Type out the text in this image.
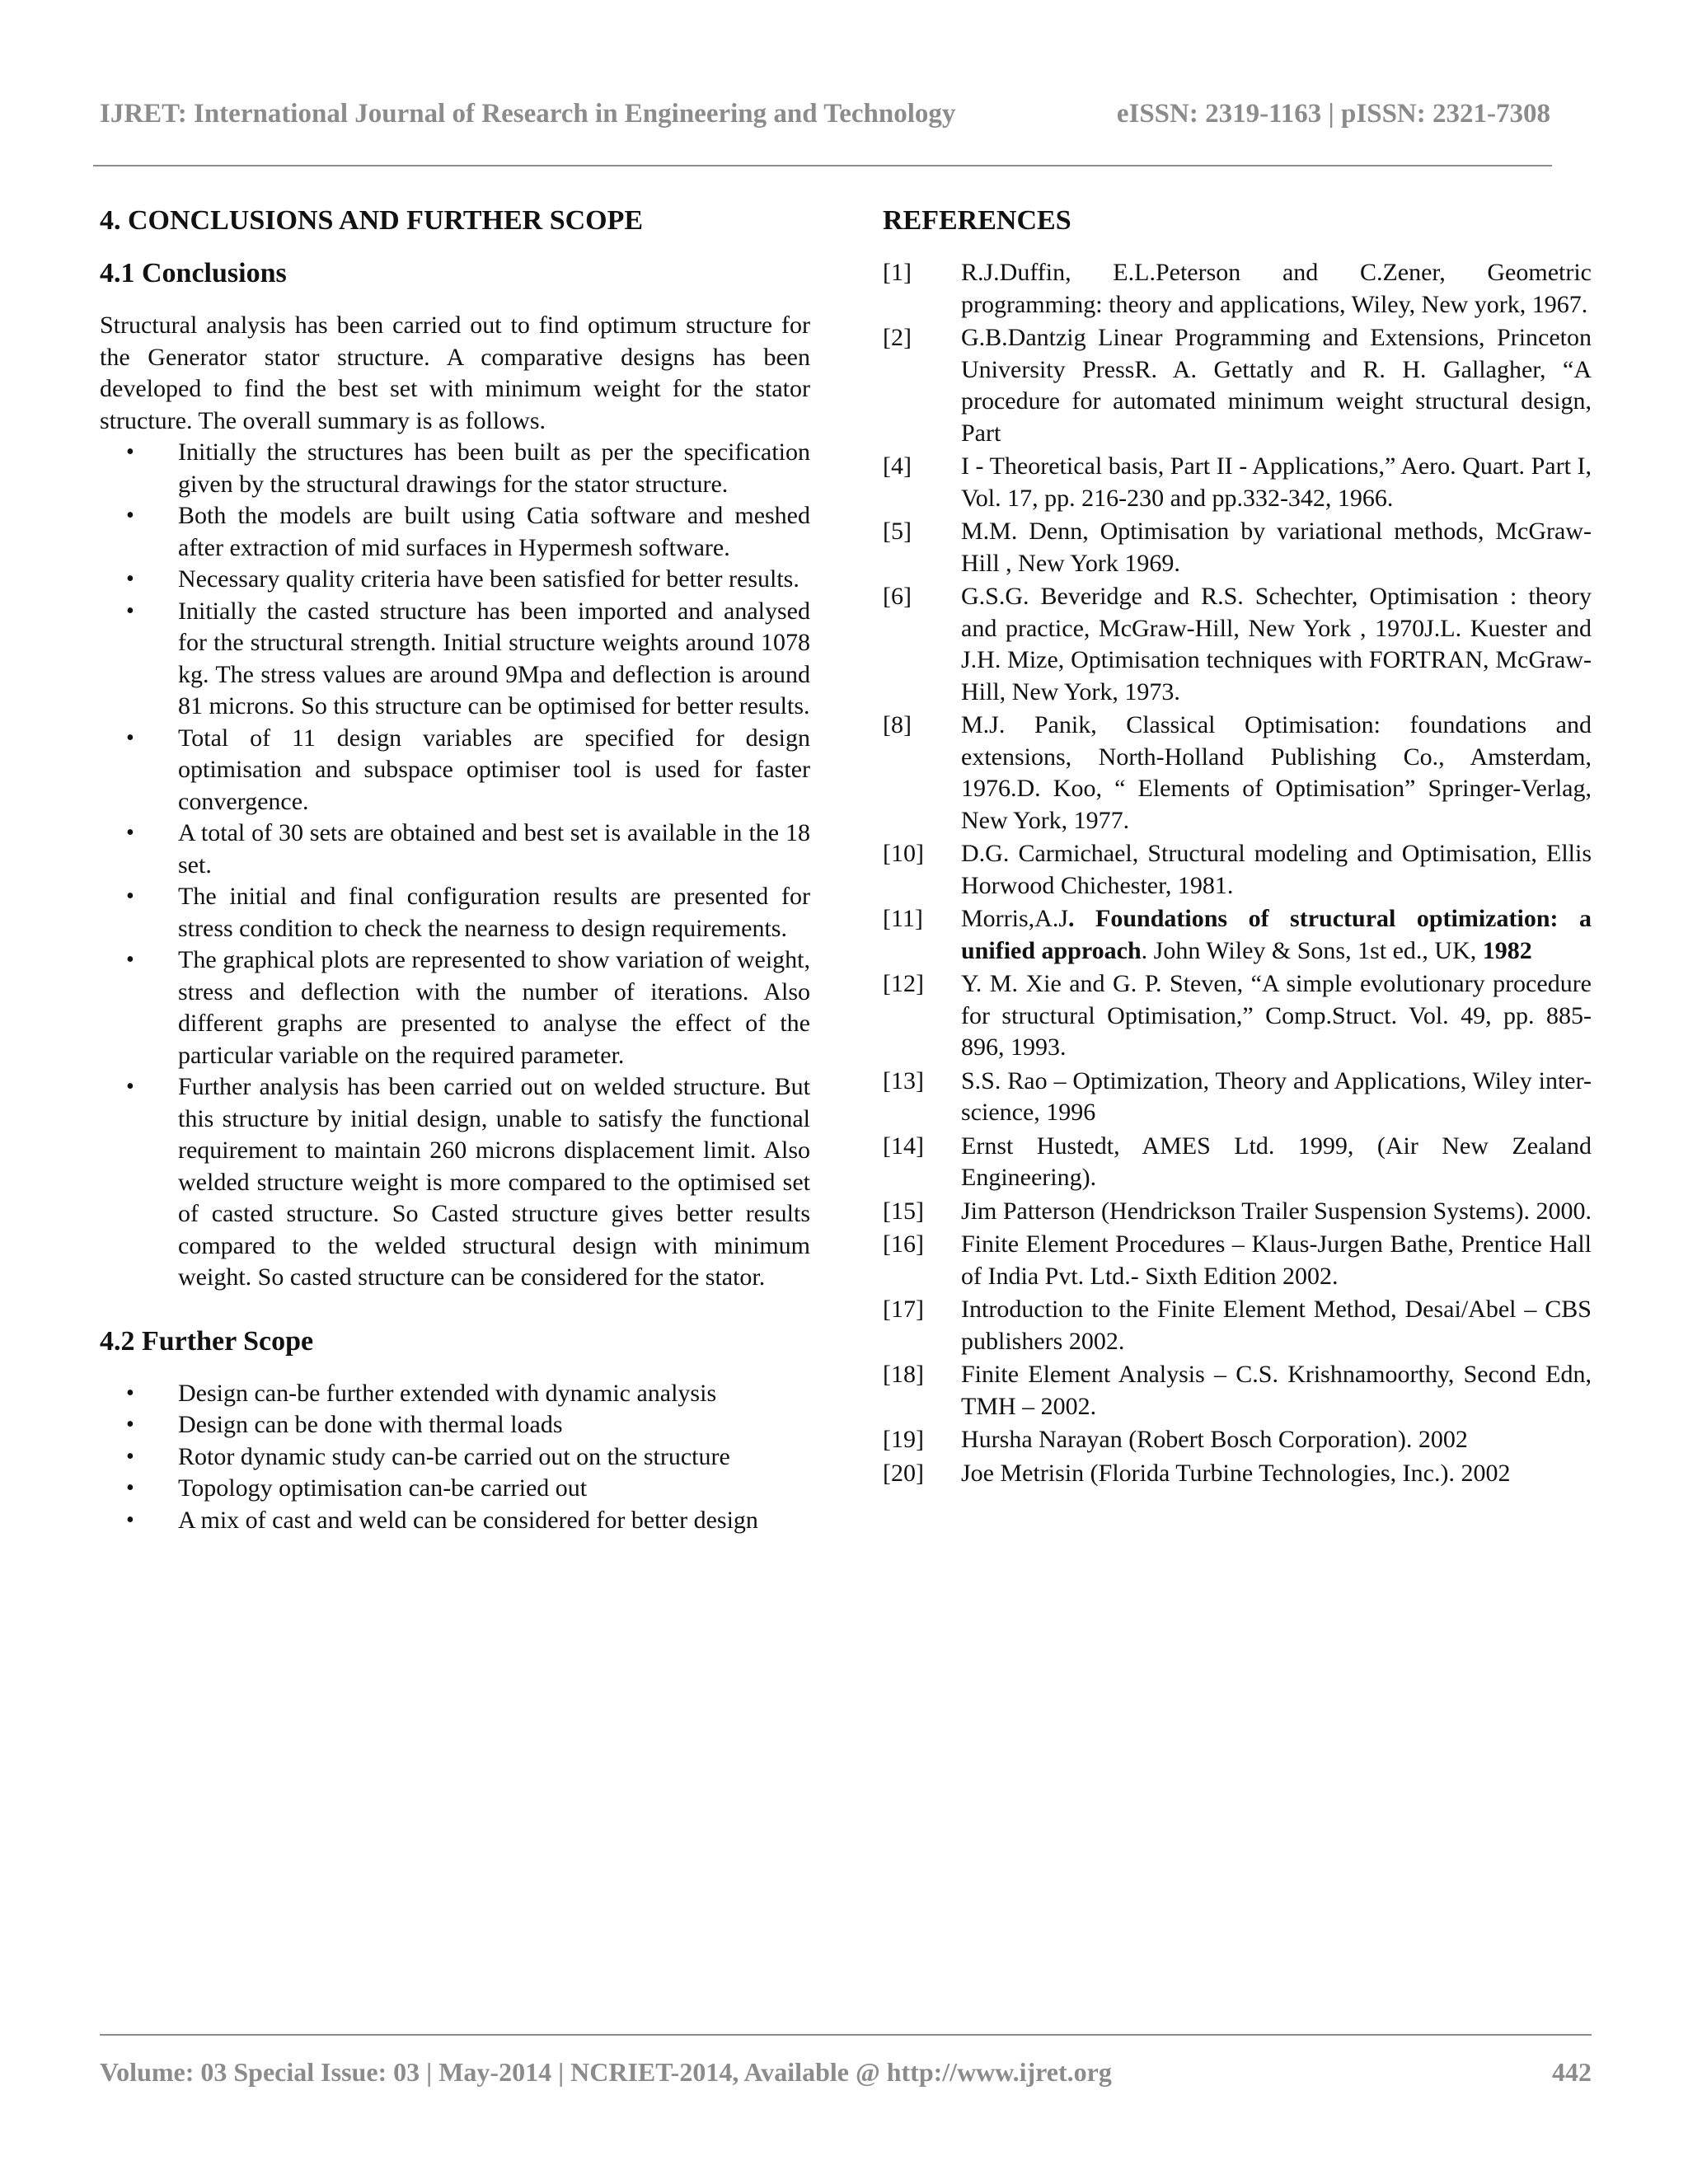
IJRET: International Journal of Research in Engineering and Technology	eISSN: 2319-1163 | pISSN: 2321-7308
4. CONCLUSIONS AND FURTHER SCOPE
4.1 Conclusions

Structural analysis has been carried out to find optimum structure for the Generator stator structure. A comparative designs has been developed to find the best set with minimum weight for the stator structure. The overall summary is as follows.

• Initially the structures has been built as per the specification given by the structural drawings for the stator structure.
• Both the models are built using Catia software and meshed after extraction of mid surfaces in Hypermesh software.
• Necessary quality criteria have been satisfied for better results.
• Initially the casted structure has been imported and analysed for the structural strength. Initial structure weights around 1078 kg. The stress values are around 9Mpa and deflection is around 81 microns. So this structure can be optimised for better results.
• Total of 11 design variables are specified for design optimisation and subspace optimiser tool is used for faster convergence.
• A total of 30 sets are obtained and best set is available in the 18 set.
• The initial and final configuration results are presented for stress condition to check the nearness to design requirements.
• The graphical plots are represented to show variation of weight, stress and deflection with the number of iterations. Also different graphs are presented to analyse the effect of the particular variable on the required parameter.
• Further analysis has been carried out on welded structure. But this structure by initial design, unable to satisfy the functional requirement to maintain 260 microns displacement limit. Also welded structure weight is more compared to the optimised set of casted structure. So Casted structure gives better results compared to the welded structural design with minimum weight. So casted structure can be considered for the stator.
4.2 Further Scope
• Design can-be further extended with dynamic analysis
• Design can be done with thermal loads
• Rotor dynamic study can-be carried out on the structure
• Topology optimisation can-be carried out
• A mix of cast and weld can be considered for better design
REFERENCES
[1]	R.J.Duffin, E.L.Peterson and C.Zener, Geometric programming: theory and applications, Wiley, New york, 1967.
[2]	G.B.Dantzig Linear Programming and Extensions, Princeton University PressR. A. Gettatly and R. H. Gallagher, “A procedure for automated minimum weight structural design, Part
[4]	I - Theoretical basis, Part II - Applications,” Aero. Quart. Part I, Vol. 17, pp. 216-230 and pp.332-342, 1966.
[5]	M.M. Denn, Optimisation by variational methods, McGraw-Hill , New York 1969.
[6]	G.S.G. Beveridge and R.S. Schechter, Optimisation : theory and practice, McGraw-Hill, New York , 1970J.L. Kuester and J.H. Mize, Optimisation techniques with FORTRAN, McGraw-Hill, New York, 1973.
[8]	M.J. Panik, Classical Optimisation: foundations and extensions, North-Holland Publishing Co., Amsterdam, 1976.D. Koo, “ Elements of Optimisation” Springer-Verlag, New York, 1977.
[10]	D.G. Carmichael, Structural modeling and Optimisation, Ellis Horwood Chichester, 1981.
[11]	Morris,A.J. Foundations of structural optimization: a unified approach. John Wiley & Sons, 1st ed., UK, 1982
[12]	Y. M. Xie and G. P. Steven, “A simple evolutionary procedure for structural Optimisation,” Comp.Struct. Vol. 49, pp. 885-896, 1993.
[13]	S.S. Rao – Optimization, Theory and Applications, Wiley inter-science, 1996
[14]	Ernst Hustedt, AMES Ltd. 1999, (Air New Zealand Engineering).
[15]	Jim Patterson (Hendrickson Trailer Suspension Systems). 2000.
[16]	Finite Element Procedures – Klaus-Jurgen Bathe, Prentice Hall of India Pvt. Ltd.- Sixth Edition 2002.
[17]	Introduction to the Finite Element Method, Desai/Abel – CBS publishers 2002.
[18]	Finite Element Analysis – C.S. Krishnamoorthy, Second Edn, TMH – 2002.
[19]	Hursha Narayan (Robert Bosch Corporation). 2002
[20]	Joe Metrisin (Florida Turbine Technologies, Inc.). 2002
Volume: 03 Special Issue: 03 | May-2014 | NCRIET-2014, Available @ http://www.ijret.org	442
